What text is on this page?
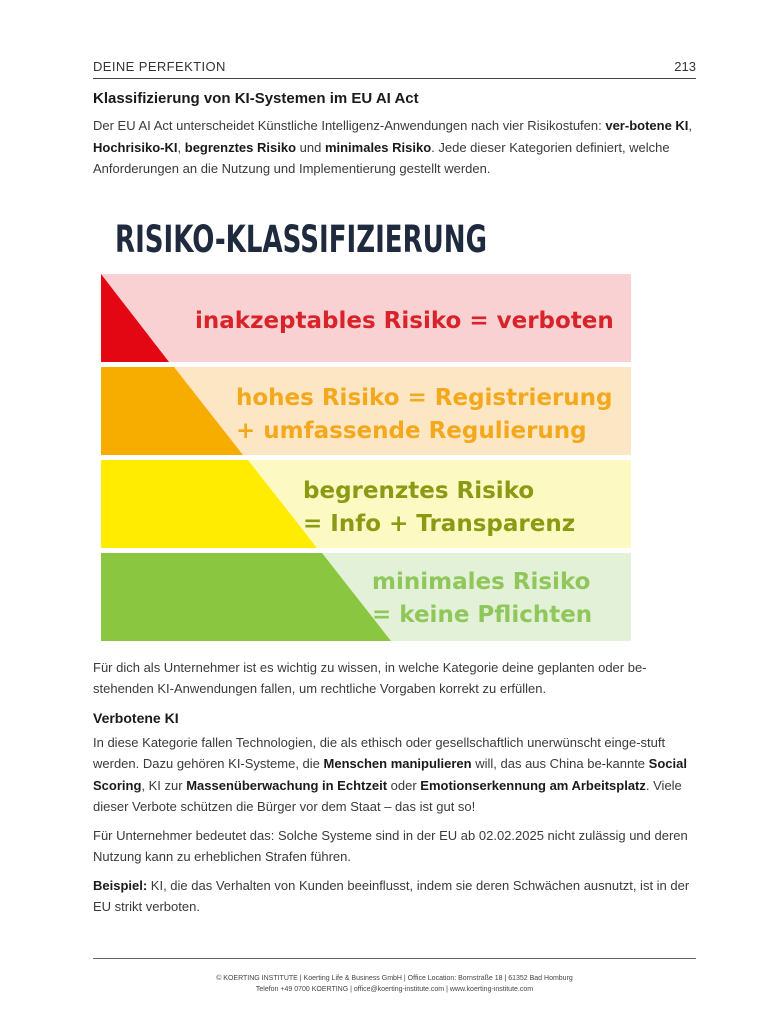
DEINE PERFEKTION	213
Klassifizierung von KI-Systemen im EU AI Act

Der EU AI Act unterscheidet Künstliche Intelligenz-Anwendungen nach vier Risikostufen: ver-botene KI, Hochrisiko-KI, begrenztes Risiko und minimales Risiko. Jede dieser Kategorien definiert, welche Anforderungen an die Nutzung und Implementierung gestellt werden.

RISIKO-KLASSIFIZIERUNG
inakzeptables Risiko = verboten
hohes Risiko = Registrierung
+ umfassende Regulierung
begrenztes Risiko
= Info + Transparenz
minimales Risiko
= keine Pflichten

Für dich als Unternehmer ist es wichtig zu wissen, in welche Kategorie deine geplanten oder be-stehenden KI-Anwendungen fallen, um rechtliche Vorgaben korrekt zu erfüllen.

Verbotene KI

In diese Kategorie fallen Technologien, die als ethisch oder gesellschaftlich unerwünscht einge-stuft werden. Dazu gehören KI-Systeme, die Menschen manipulieren will, das aus China be-kannte Social Scoring, KI zur Massenüberwachung in Echtzeit oder Emotionserkennung am Arbeitsplatz. Viele dieser Verbote schützen die Bürger vor dem Staat – das ist gut so!

Für Unternehmer bedeutet das: Solche Systeme sind in der EU ab 02.02.2025 nicht zulässig und deren Nutzung kann zu erheblichen Strafen führen.

Beispiel: KI, die das Verhalten von Kunden beeinflusst, indem sie deren Schwächen ausnutzt, ist in der EU strikt verboten.

© KOERTING INSTITUTE | Koerting Life & Business GmbH | Office Location: Bornstraße 18 | 61352 Bad Homburg
Telefon +49 0700 KOERTING | office@koerting-institute.com | www.koerting-institute.com
